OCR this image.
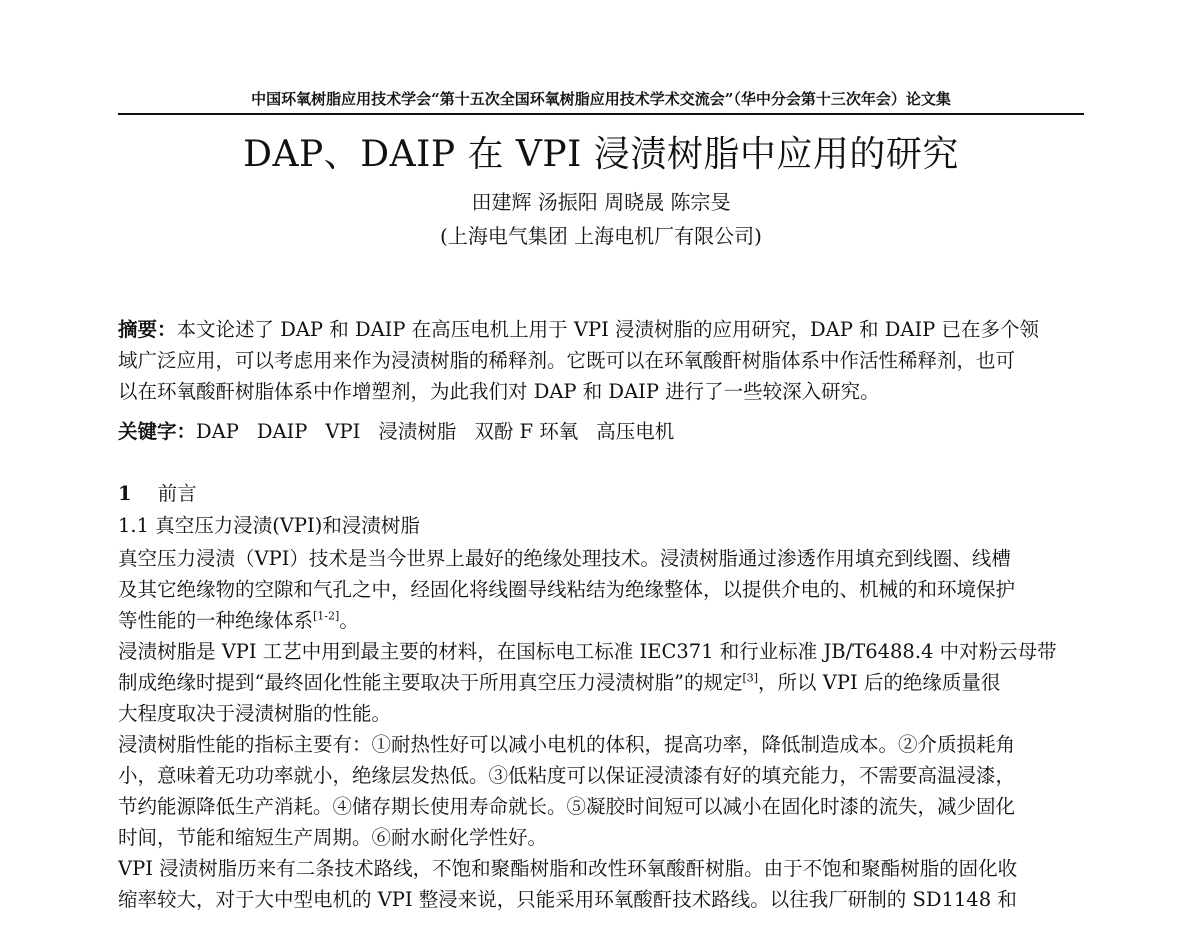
中国环氧树脂应用技术学会“第十五次全国环氧树脂应用技术学术交流会”（华中分会第十三次年会）论文集
DAP、DAIP 在 VPI 浸渍树脂中应用的研究
田建辉 汤振阳 周晓晟 陈宗旻
(上海电气集团 上海电机厂有限公司)
摘要：本文论述了 DAP 和 DAIP 在高压电机上用于 VPI 浸渍树脂的应用研究，DAP 和 DAIP 已在多个领
域广泛应用，可以考虑用来作为浸渍树脂的稀释剂。它既可以在环氧酸酐树脂体系中作活性稀释剂，也可
以在环氧酸酐树脂体系中作增塑剂，为此我们对 DAP 和 DAIP 进行了一些较深入研究。
关键字：DAP DAIP VPI 浸渍树脂 双酚 F 环氧 高压电机
1 前言
1.1 真空压力浸渍(VPI)和浸渍树脂
真空压力浸渍（VPI）技术是当今世界上最好的绝缘处理技术。浸渍树脂通过渗透作用填充到线圈、线槽
及其它绝缘物的空隙和气孔之中，经固化将线圈导线粘结为绝缘整体，以提供介电的、机械的和环境保护
等性能的一种绝缘体系[1-2]。
浸渍树脂是 VPI 工艺中用到最主要的材料，在国标电工标准 IEC371 和行业标准 JB/T6488.4 中对粉云母带
制成绝缘时提到“最终固化性能主要取决于所用真空压力浸渍树脂”的规定[3]，所以 VPI 后的绝缘质量很
大程度取决于浸渍树脂的性能。
浸渍树脂性能的指标主要有：①耐热性好可以减小电机的体积，提高功率，降低制造成本。②介质损耗角
小，意味着无功功率就小，绝缘层发热低。③低粘度可以保证浸渍漆有好的填充能力，不需要高温浸漆，
节约能源降低生产消耗。④储存期长使用寿命就长。⑤凝胶时间短可以减小在固化时漆的流失，减少固化
时间，节能和缩短生产周期。⑥耐水耐化学性好。
VPI 浸渍树脂历来有二条技术路线，不饱和聚酯树脂和改性环氧酸酐树脂。由于不饱和聚酯树脂的固化收
缩率较大，对于大中型电机的 VPI 整浸来说，只能采用环氧酸酐技术路线。以往我厂研制的 SD1148 和
